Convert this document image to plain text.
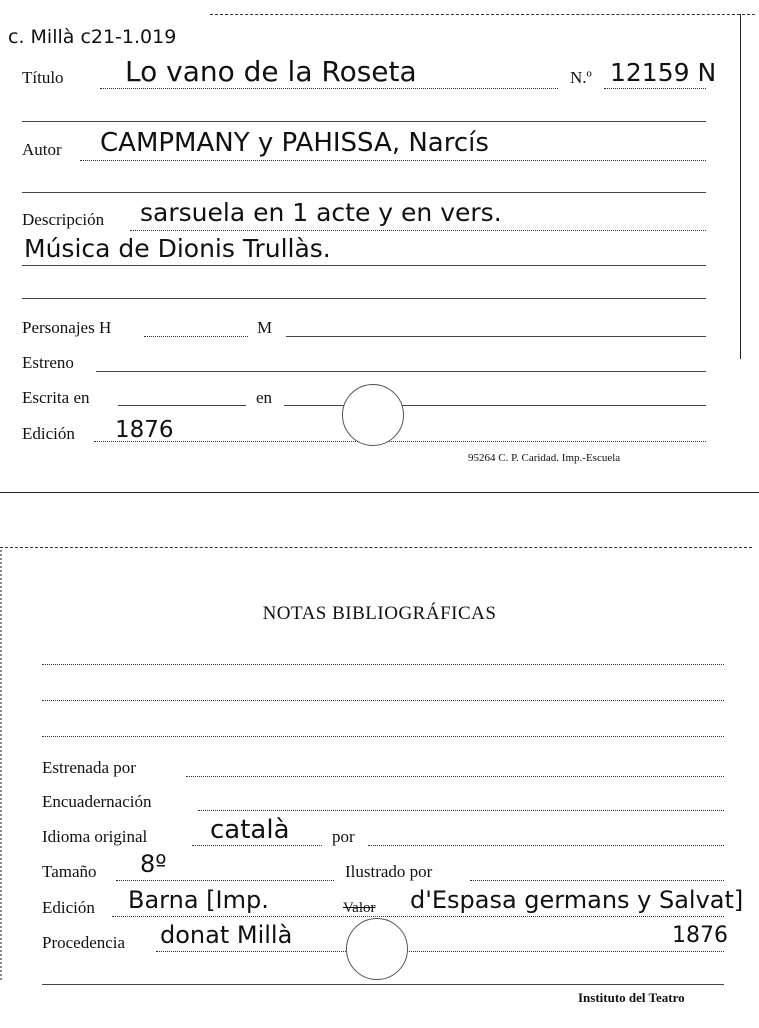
c. Millà c21-1.019
Título Lo vano de la Roseta	N.º 12159 N
Autor CAMPMANY y PAHISSA, Narcís
Descripción sarsuela en 1 acte y en vers.
Música de Dionis Trullàs.
Personajes H	M
Estreno
Escrita en	en
Edición 1876
95264 C. P. Caridad. Imp.-Escuela
NOTAS BIBLIOGRÁFICAS
Estrenada por
Encuadernación
Idioma original català por
Tamaño 8º	Ilustrado por
Edición Barna [Imp.	Valor d'Espasa germans y Salvat]
Procedencia donat Millà	1876
Instituto del Teatro
